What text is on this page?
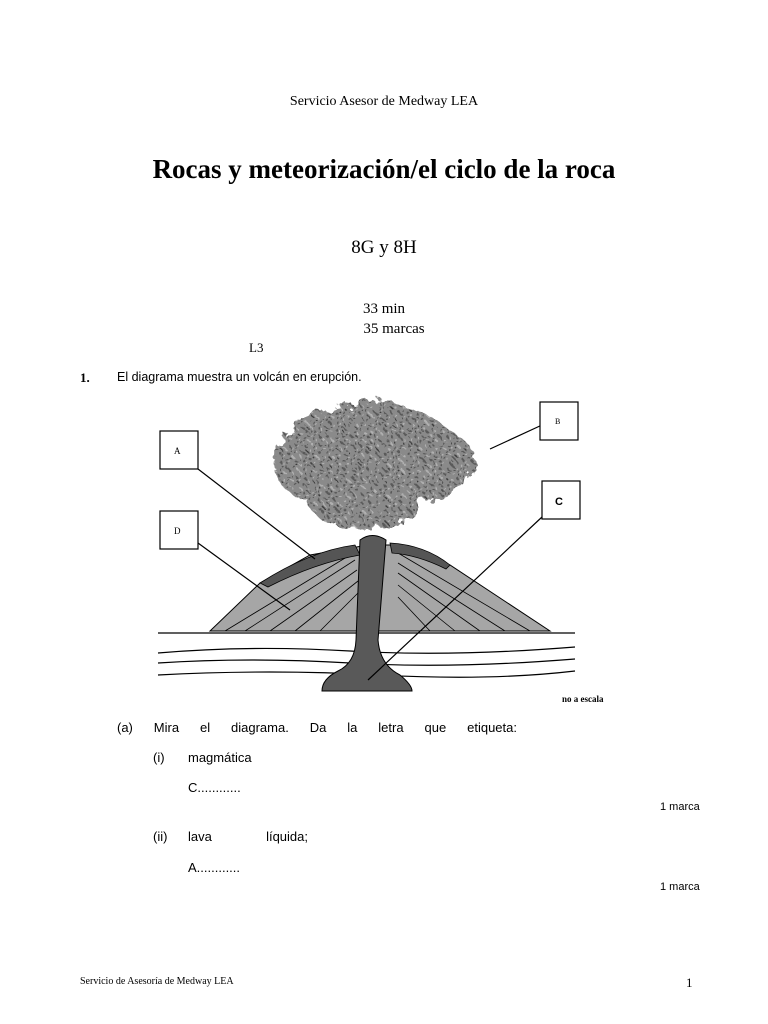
Servicio Asesor de Medway LEA
Rocas y meteorización/el ciclo de la roca
8G y 8H
33 min
35 marcas
L3
1. El diagrama muestra un volcán en erupción.
A
D
B
C
no a escala
(a) Mira el diagrama. Da la letra que etiqueta:
(i) magmática
C............
1 marca
(ii) lava	líquida;
A............
1 marca
Servicio de Asesoría de Medway LEA	1
